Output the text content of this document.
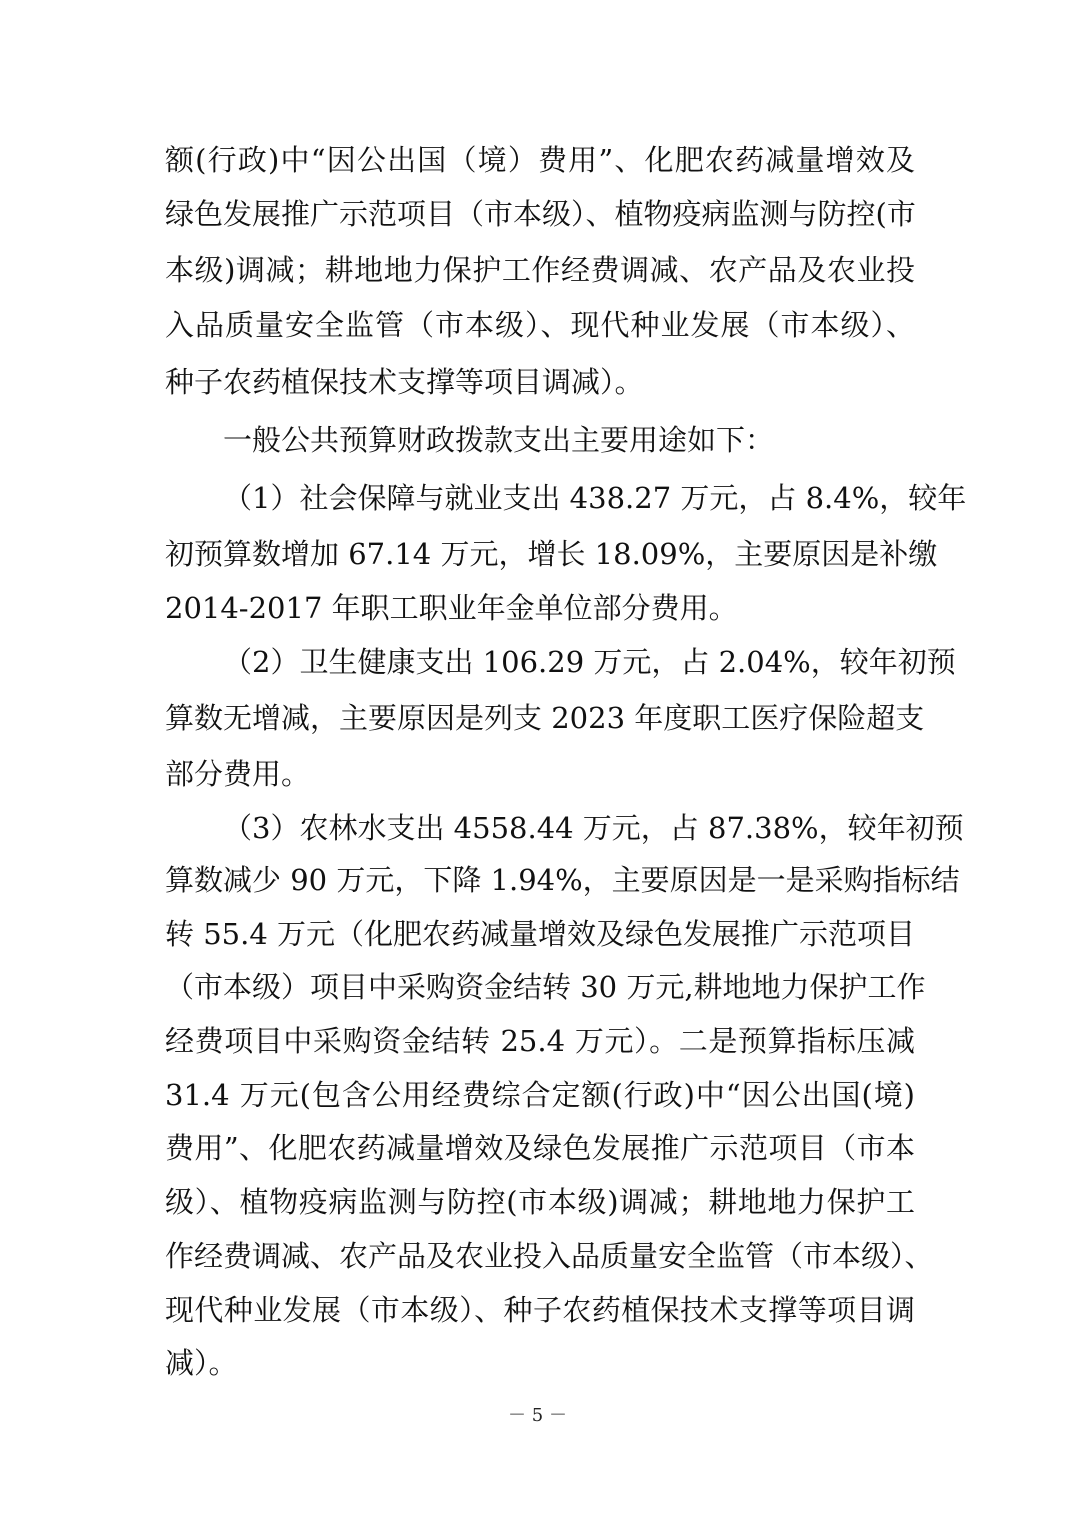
额(行政)中“因公出国（境）费用”、化肥农药减量增效及
绿色发展推广示范项目（市本级）、植物疫病监测与防控(市
本级)调减；耕地地力保护工作经费调减、农产品及农业投
入品质量安全监管（市本级）、现代种业发展（市本级）、
种子农药植保技术支撑等项目调减）。
一般公共预算财政拨款支出主要用途如下：
（1）社会保障与就业支出 438.27 万元，占 8.4%，较年
初预算数增加 67.14 万元，增长 18.09%，主要原因是补缴
2014-2017 年职工职业年金单位部分费用。
（2）卫生健康支出 106.29 万元，占 2.04%，较年初预
算数无增减，主要原因是列支 2023 年度职工医疗保险超支
部分费用。
（3）农林水支出 4558.44 万元，占 87.38%，较年初预
算数减少 90 万元，下降 1.94%，主要原因是一是采购指标结
转 55.4 万元（化肥农药减量增效及绿色发展推广示范项目
（市本级）项目中采购资金结转 30 万元,耕地地力保护工作
经费项目中采购资金结转 25.4 万元）。二是预算指标压减
31.4 万元(包含公用经费综合定额(行政)中“因公出国(境)
费用”、化肥农药减量增效及绿色发展推广示范项目（市本
级）、植物疫病监测与防控(市本级)调减；耕地地力保护工
作经费调减、农产品及农业投入品质量安全监管（市本级）、
现代种业发展（市本级）、种子农药植保技术支撑等项目调
减）。
－ 5 －
